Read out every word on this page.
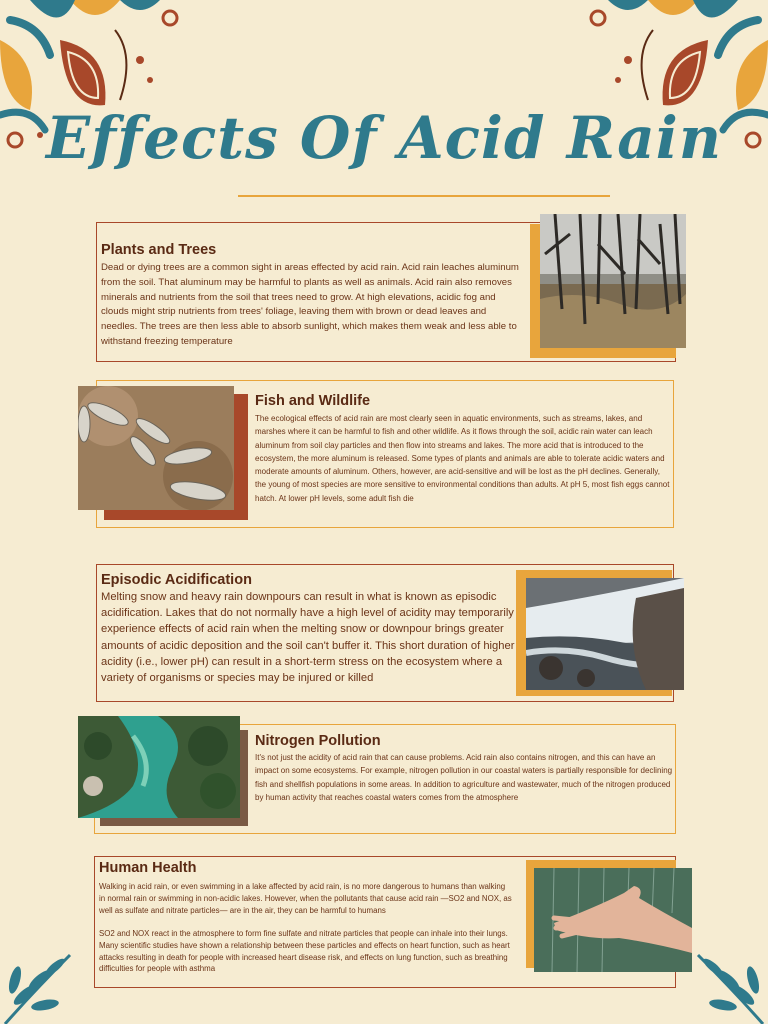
Effects Of Acid Rain
Plants and Trees

Dead or dying trees are a common sight in areas effected by acid rain. Acid rain leaches aluminum from the soil. That aluminum may be harmful to plants as well as animals. Acid rain also removes minerals and nutrients from the soil that trees need to grow. At high elevations, acidic fog and clouds might strip nutrients from trees' foliage, leaving them with brown or dead leaves and needles. The trees are then less able to absorb sunlight, which makes them weak and less able to withstand freezing temperature

Fish and Wildlife

The ecological effects of acid rain are most clearly seen in aquatic environments, such as streams, lakes, and marshes where it can be harmful to fish and other wildlife. As it flows through the soil, acidic rain water can leach aluminum from soil clay particles and then flow into streams and lakes. The more acid that is introduced to the ecosystem, the more aluminum is released. Some types of plants and animals are able to tolerate acidic waters and moderate amounts of aluminum. Others, however, are acid-sensitive and will be lost as the pH declines. Generally, the young of most species are more sensitive to environmental conditions than adults. At pH 5, most fish eggs cannot hatch. At lower pH levels, some adult fish die

Episodic Acidification

Melting snow and heavy rain downpours can result in what is known as episodic acidification. Lakes that do not normally have a high level of acidity may temporarily experience effects of acid rain when the melting snow or downpour brings greater amounts of acidic deposition and the soil can't buffer it. This short duration of higher acidity (i.e., lower pH) can result in a short-term stress on the ecosystem where a variety of organisms or species may be injured or killed

Nitrogen Pollution

It's not just the acidity of acid rain that can cause problems. Acid rain also contains nitrogen, and this can have an impact on some ecosystems. For example, nitrogen pollution in our coastal waters is partially responsible for declining fish and shellfish populations in some areas. In addition to agriculture and wastewater, much of the nitrogen produced by human activity that reaches coastal waters comes from the atmosphere

Human Health

Walking in acid rain, or even swimming in a lake affected by acid rain, is no more dangerous to humans than walking in normal rain or swimming in non-acidic lakes. However, when the pollutants that cause acid rain —SO2 and NOX, as well as sulfate and nitrate particles— are in the air, they can be harmful to humans

SO2 and NOX react in the atmosphere to form fine sulfate and nitrate particles that people can inhale into their lungs. Many scientific studies have shown a relationship between these particles and effects on heart function, such as heart attacks resulting in death for people with increased heart disease risk, and effects on lung function, such as breathing difficulties for people with asthma
